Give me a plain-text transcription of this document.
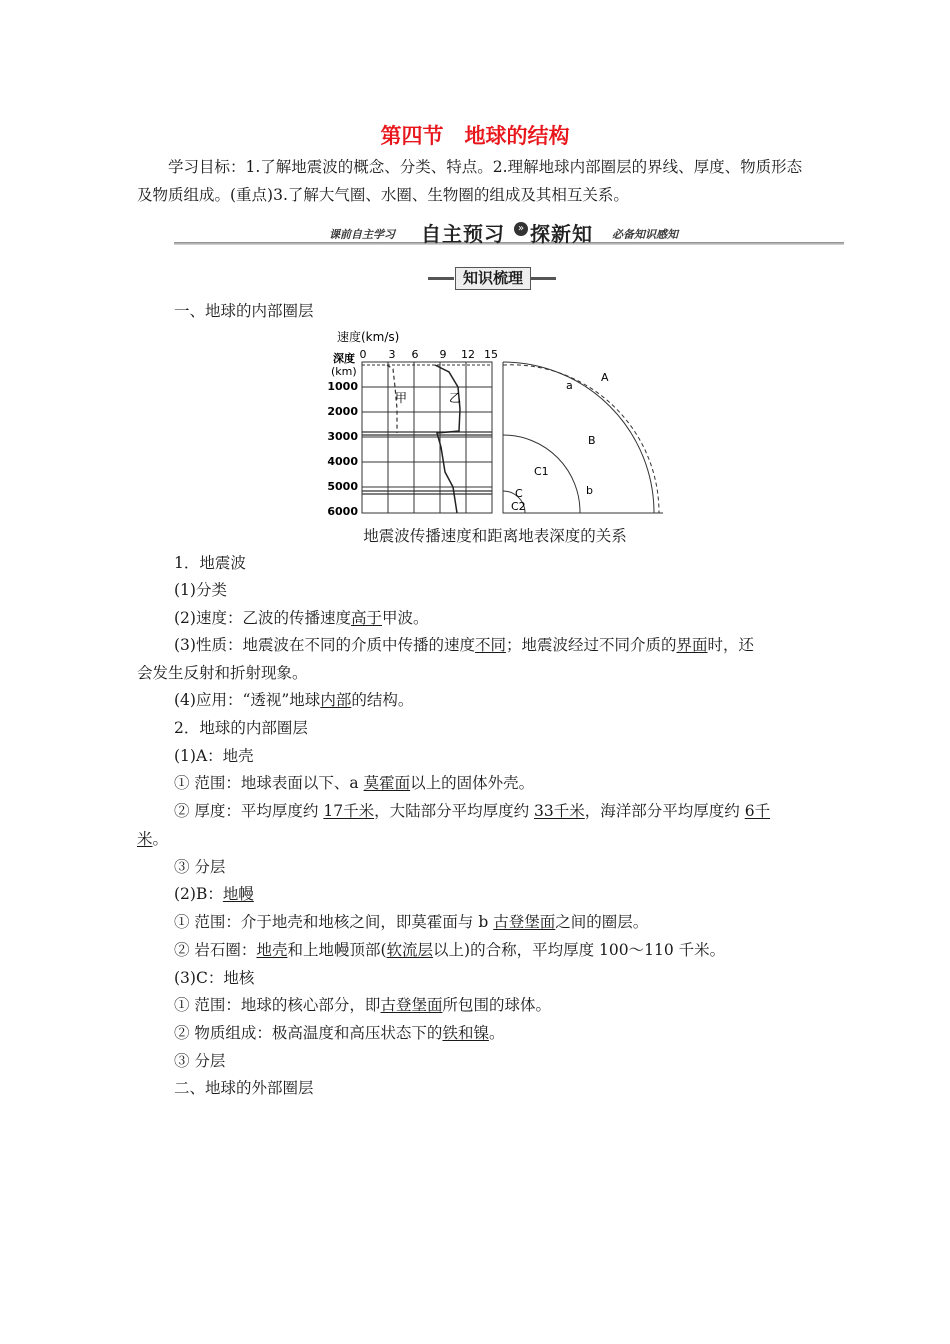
第四节　地球的结构
学习目标：1.了解地震波的概念、分类、特点。2.理解地球内部圈层的界线、厚度、物质形态及物质组成。(重点)3.了解大气圈、水圈、生物圈的组成及其相互关系。
课前自主学习 自主预习	» 探新知 必备知识感知
知识梳理
一、地球的内部圈层
速度(km/s)
深度
(km)
0 3 6 9 12 15
1000
2000
3000
4000
5000
6000
甲	乙
A
a
B
b
C1
C
C2
地震波传播速度和距离地表深度的关系
1．地震波
(1)分类
(2)速度：乙波的传播速度高于甲波。
(3)性质：地震波在不同的介质中传播的速度不同；地震波经过不同介质的界面时，还
会发生反射和折射现象。
(4)应用：“透视”地球内部的结构。
2．地球的内部圈层
(1)A：地壳
① 范围：地球表面以下、a 莫霍面以上的固体外壳。
② 厚度：平均厚度约 17千米，大陆部分平均厚度约 33千米，海洋部分平均厚度约 6千
米。
③ 分层
(2)B：地幔
① 范围：介于地壳和地核之间，即莫霍面与 b 古登堡面之间的圈层。
② 岩石圈：地壳和上地幔顶部(软流层以上)的合称，平均厚度 100～110 千米。
(3)C：地核
① 范围：地球的核心部分，即古登堡面所包围的球体。
② 物质组成：极高温度和高压状态下的铁和镍。
③ 分层
二、地球的外部圈层
